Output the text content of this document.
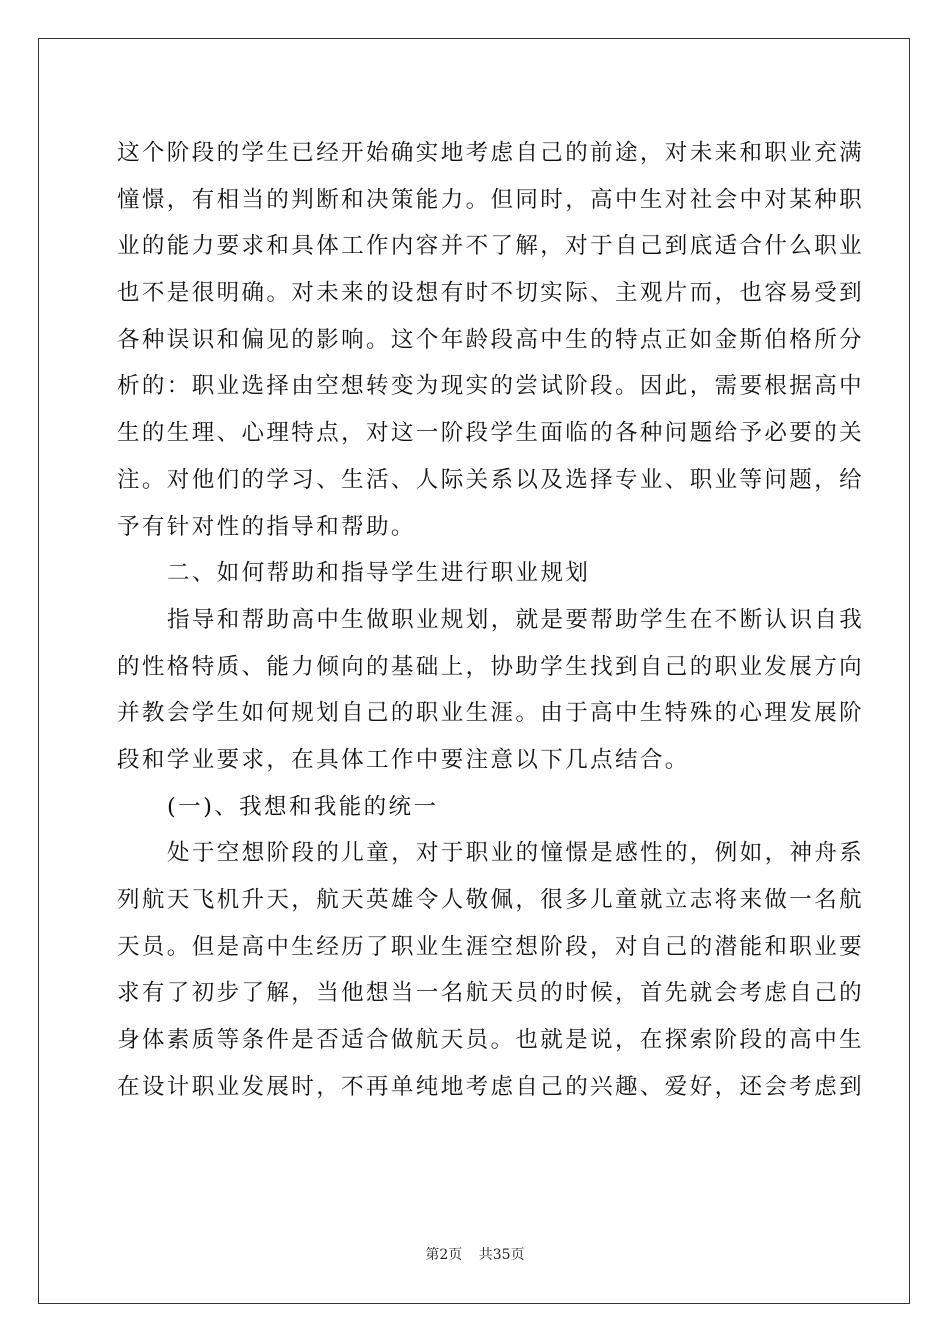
这个阶段的学生已经开始确实地考虑自己的前途，对未来和职业充满
憧憬，有相当的判断和决策能力。但同时，高中生对社会中对某种职
业的能力要求和具体工作内容并不了解，对于自己到底适合什么职业
也不是很明确。对未来的设想有时不切实际、主观片而，也容易受到
各种误识和偏见的影响。这个年龄段高中生的特点正如金斯伯格所分
析的：职业选择由空想转变为现实的尝试阶段。因此，需要根据高中
生的生理、心理特点，对这一阶段学生面临的各种问题给予必要的关
注。对他们的学习、生活、人际关系以及选择专业、职业等问题，给
予有针对性的指导和帮助。
二、如何帮助和指导学生进行职业规划
指导和帮助高中生做职业规划，就是要帮助学生在不断认识自我
的性格特质、能力倾向的基础上，协助学生找到自己的职业发展方向
并教会学生如何规划自己的职业生涯。由于高中生特殊的心理发展阶
段和学业要求，在具体工作中要注意以下几点结合。
(一)、我想和我能的统一
处于空想阶段的儿童，对于职业的憧憬是感性的，例如，神舟系
列航天飞机升天，航天英雄令人敬佩，很多儿童就立志将来做一名航
天员。但是高中生经历了职业生涯空想阶段，对自己的潜能和职业要
求有了初步了解，当他想当一名航天员的时候，首先就会考虑自己的
身体素质等条件是否适合做航天员。也就是说，在探索阶段的高中生
在设计职业发展时，不再单纯地考虑自己的兴趣、爱好，还会考虑到
第2页 共35页
